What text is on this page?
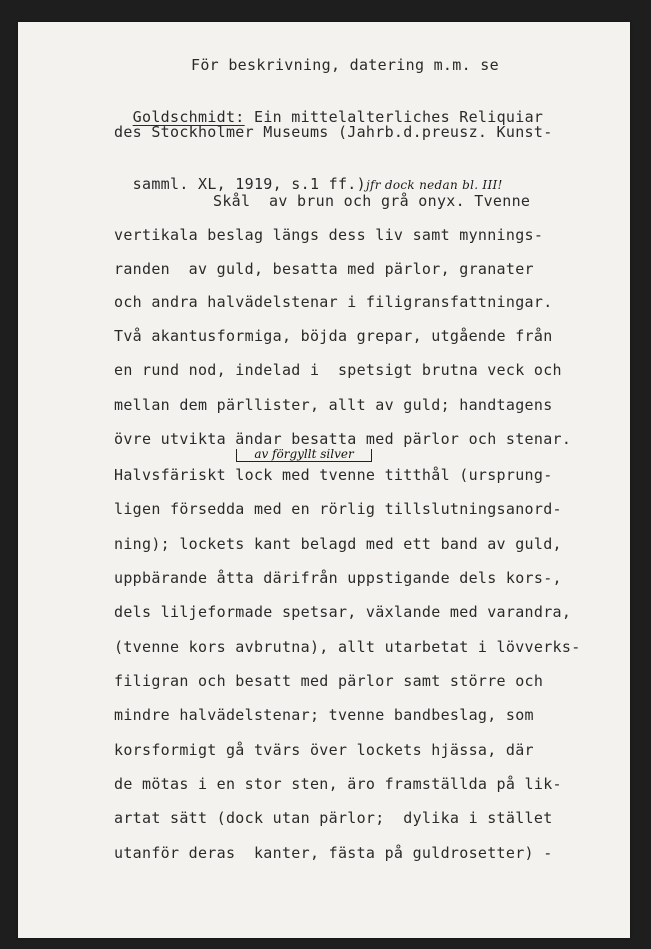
För beskrivning, datering m.m. se

Goldschmidt: Ein mittelalterliches Reliquiar

des Stockholmer Museums (Jahrb.d.preusz. Kunst-

samml. XL, 1919, s.1 ff.)jfr dock nedan bl. III!

Skål  av brun och grå onyx. Tvenne
vertikala beslag längs dess liv samt mynnings-
randen  av guld, besatta med pärlor, granater
och andra halvädelstenar i filigransfattningar.
Två akantusformiga, böjda grepar, utgående från
en rund nod, indelad i  spetsigt brutna veck och
mellan dem pärllister, allt av guld; handtagens
övre utvikta ändar besatta med pärlor och stenar.
av förgyllt silver
Halvsfäriskt lock med tvenne titthål (ursprung-
ligen försedda med en rörlig tillslutningsanord-
ning); lockets kant belagd med ett band av guld,
uppbärande åtta därifrån uppstigande dels kors-,
dels liljeformade spetsar, växlande med varandra,
(tvenne kors avbrutna), allt utarbetat i lövverks-
filigran och besatt med pärlor samt större och
mindre halvädelstenar; tvenne bandbeslag, som
korsformigt gå tvärs över lockets hjässa, där
de mötas i en stor sten, äro framställda på lik-
artat sätt (dock utan pärlor;  dylika i stället
utanför deras  kanter, fästa på guldrosetter) -
